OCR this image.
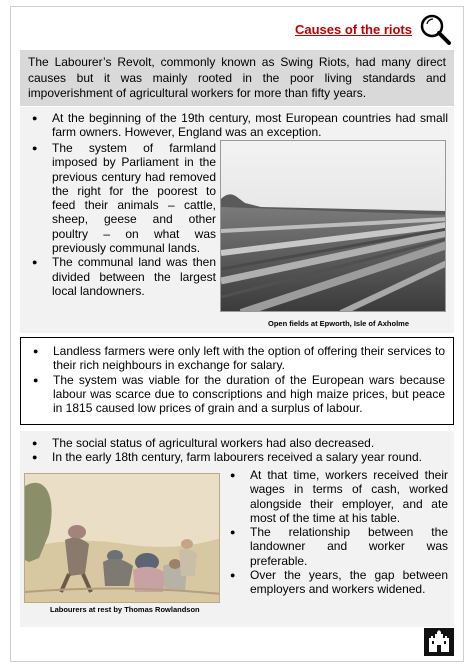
Causes of the riots

The Labourer’s Revolt, commonly known as Swing Riots, had many direct causes but it was mainly rooted in the poor living standards and impoverishment of agricultural workers for more than fifty years.

● At the beginning of the 19th century, most European countries had small farm owners. However, England was an exception.
● The system of farmland imposed by Parliament in the previous century had removed the right for the poorest to feed their animals – cattle, sheep, geese and other poultry – on what was previously communal lands.
● The communal land was then divided between the largest local landowners.
Open fields at Epworth, Isle of Axholme
● Landless farmers were only left with the option of offering their services to their rich neighbours in exchange for salary.
● The system was viable for the duration of the European wars because labour was scarce due to conscriptions and high maize prices, but peace in 1815 caused low prices of grain and a surplus of labour.
● The social status of agricultural workers had also decreased.
● In the early 18th century, farm labourers received a salary year round.
Labourers at rest by Thomas Rowlandson
● At that time, workers received their wages in terms of cash, worked alongside their employer, and ate most of the time at his table.
● The relationship between the landowner and worker was preferable.
● Over the years, the gap between employers and workers widened.
